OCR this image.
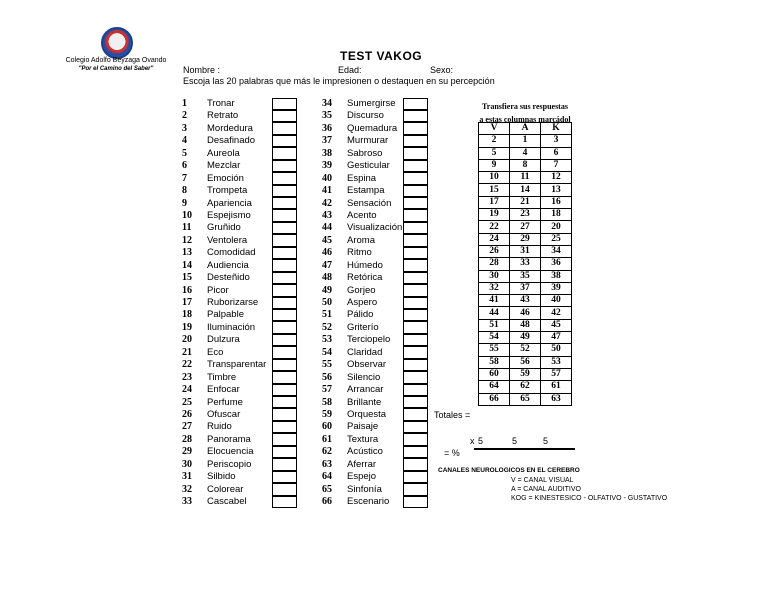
Colegio Adolfo Beyzaga Ovando
"Por el Camino del Saber"
TEST VAKOG
Nombre :	Edad:	Sexo:
Escoja las 20 palabras que más le impresionen o destaquen en su percepción
1 Tronar
2 Retrato
3 Mordedura
4 Desafinado
5 Aureola
6 Mezclar
7 Emoción
8 Trompeta
9 Apariencia
10 Espejismo
11 Gruñido
12 Ventolera
13 Comodidad
14 Audiencia
15 Desteñido
16 Picor
17 Ruborizarse
18 Palpable
19 Iluminación
20 Dulzura
21 Eco
22 Transparentar
23 Timbre
24 Enfocar
25 Perfume
26 Ofuscar
27 Ruido
28 Panorama
29 Elocuencia
30 Periscopio
31 Silbido
32 Colorear
33 Cascabel
34 Sumergirse
35 Discurso
36 Quemadura
37 Murmurar
38 Sabroso
39 Gesticular
40 Espina
41 Estampa
42 Sensación
43 Acento
44 Visualización
45 Aroma
46 Ritmo
47 Húmedo
48 Retórica
49 Gorjeo
50 Aspero
51 Pálido
52 Griterío
53 Terciopelo
54 Claridad
55 Observar
56 Silencio
57 Arrancar
58 Brillante
59 Orquesta
60 Paisaje
61 Textura
62 Acústico
63 Aferrar
64 Espejo
65 Sinfonía
66 Escenario
Transfiera sus respuestas
a estas columnas marcádol
V	A	K
2	1	3
5	4	6
9	8	7
10	11	12
15	14	13
17	21	16
19	23	18
22	27	20
24	29	25
26	31	34
28	33	36
30	35	38
32	37	39
41	43	40
44	46	42
51	48	45
54	49	47
55	52	50
58	56	53
60	59	57
64	62	61
66	65	63
Totales =
x 5	5	5
= %
CANALES NEUROLOGICOS EN EL CEREBRO
V = CANAL VISUAL
A = CANAL AUDITIVO
KOG = KINESTESICO - OLFATIVO - GUSTATIVO
